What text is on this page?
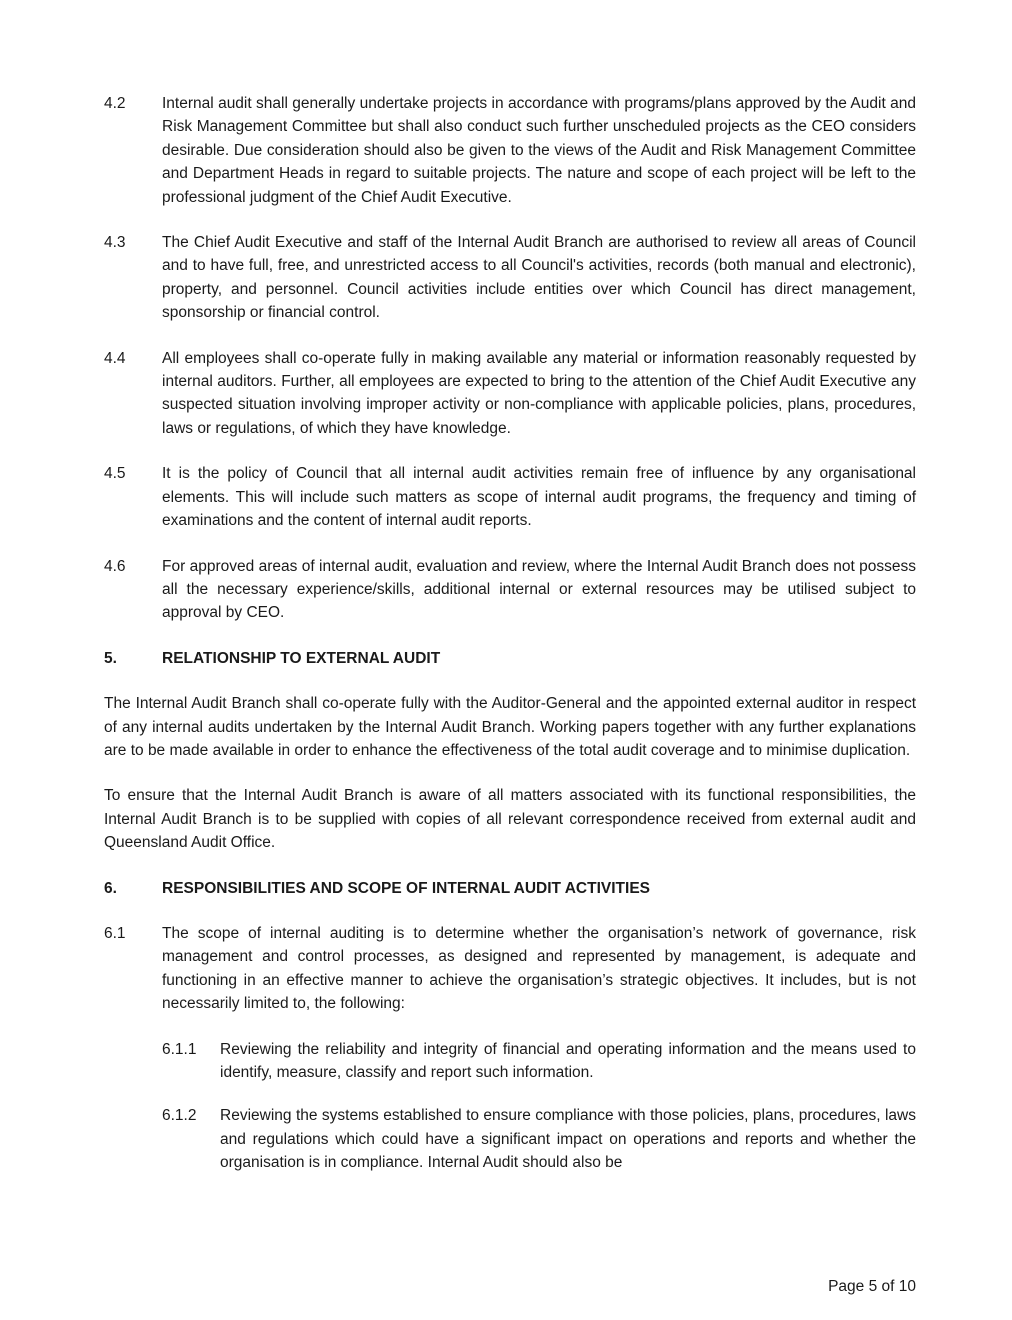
4.2	Internal audit shall generally undertake projects in accordance with programs/plans approved by the Audit and Risk Management Committee but shall also conduct such further unscheduled projects as the CEO considers desirable. Due consideration should also be given to the views of the Audit and Risk Management Committee and Department Heads in regard to suitable projects. The nature and scope of each project will be left to the professional judgment of the Chief Audit Executive.
4.3	The Chief Audit Executive and staff of the Internal Audit Branch are authorised to review all areas of Council and to have full, free, and unrestricted access to all Council's activities, records (both manual and electronic), property, and personnel. Council activities include entities over which Council has direct management, sponsorship or financial control.
4.4	All employees shall co-operate fully in making available any material or information reasonably requested by internal auditors. Further, all employees are expected to bring to the attention of the Chief Audit Executive any suspected situation involving improper activity or non-compliance with applicable policies, plans, procedures, laws or regulations, of which they have knowledge.
4.5	It is the policy of Council that all internal audit activities remain free of influence by any organisational elements. This will include such matters as scope of internal audit programs, the frequency and timing of examinations and the content of internal audit reports.
4.6	For approved areas of internal audit, evaluation and review, where the Internal Audit Branch does not possess all the necessary experience/skills, additional internal or external resources may be utilised subject to approval by CEO.
5.	RELATIONSHIP TO EXTERNAL AUDIT
The Internal Audit Branch shall co-operate fully with the Auditor-General and the appointed external auditor in respect of any internal audits undertaken by the Internal Audit Branch. Working papers together with any further explanations are to be made available in order to enhance the effectiveness of the total audit coverage and to minimise duplication.
To ensure that the Internal Audit Branch is aware of all matters associated with its functional responsibilities, the Internal Audit Branch is to be supplied with copies of all relevant correspondence received from external audit and Queensland Audit Office.
6.	RESPONSIBILITIES AND SCOPE OF INTERNAL AUDIT ACTIVITIES
6.1	The scope of internal auditing is to determine whether the organisation’s network of governance, risk management and control processes, as designed and represented by management, is adequate and functioning in an effective manner to achieve the organisation’s strategic objectives. It includes, but is not necessarily limited to, the following:
6.1.1	Reviewing the reliability and integrity of financial and operating information and the means used to identify, measure, classify and report such information.
6.1.2	Reviewing the systems established to ensure compliance with those policies, plans, procedures, laws and regulations which could have a significant impact on operations and reports and whether the organisation is in compliance. Internal Audit should also be
Page 5 of 10
